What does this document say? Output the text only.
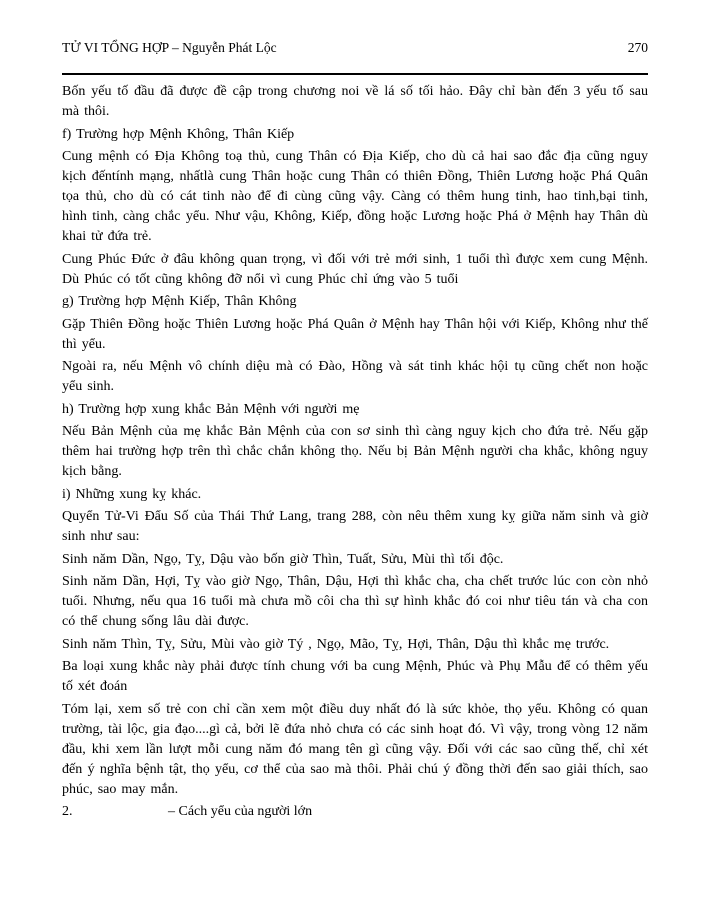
TỬ VI TỔNG HỢP – Nguyễn Phát Lộc	270

Bốn yếu tố đầu đã được đề cập trong chương noi về lá số tối hảo. Đây chỉ bàn đến 3 yếu tố sau mà thôi.

f) Trường hợp Mệnh Không, Thân Kiếp

Cung mệnh có Địa Không toạ thủ, cung Thân có Địa Kiếp, cho dù cả hai sao đắc địa cũng nguy kịch đếntính mạng, nhấtlà cung Thân hoặc cung Thân có thiên Đồng, Thiên Lương hoặc Phá Quân tọa thủ, cho dù có cát tinh nào để đi cùng cũng vậy. Càng có thêm hung tinh, hao tinh,bại tinh, hình tinh, càng chắc yểu. Như vậu, Không, Kiếp, đồng hoặc Lương hoặc Phá ở Mệnh hay Thân dù khai tử đứa trẻ.

Cung Phúc Đức ở đâu không quan trọng, vì đối với trẻ mới sinh, 1 tuổi thì được xem cung Mệnh. Dù Phúc có tốt cũng không đỡ nổi vì cung Phúc chỉ ứng vào 5 tuổi

g) Trường hợp Mệnh Kiếp, Thân Không

Gặp Thiên Đồng hoặc Thiên Lương hoặc Phá Quân ở Mệnh hay Thân hội với Kiếp, Không như thế thì yểu.

Ngoài ra, nếu Mệnh vô chính diệu mà có Đào, Hồng và sát tinh khác hội tụ cũng chết non hoặc yểu sinh.

h) Trường hợp xung khắc Bản Mệnh với người mẹ

Nếu Bản Mệnh của mẹ khắc Bản Mệnh của con sơ sinh thì càng nguy kịch cho đứa trẻ. Nếu gặp thêm hai trường hợp trên thì chắc chắn không thọ. Nếu bị Bản Mệnh người cha khắc, không nguy kịch bằng.

i) Những xung kỵ khác.

Quyển Tử-Vi Đẩu Số của Thái Thứ Lang, trang 288, còn nêu thêm xung kỵ giữa năm sinh và giờ sinh như sau:

Sinh năm Dần, Ngọ, Tỵ, Dậu vào bốn giờ Thìn, Tuất, Sửu, Mùi thì tối độc.

Sinh năm Dần, Hợi, Tỵ vào giờ Ngọ, Thân, Dậu, Hợi thì khắc cha, cha chết trước lúc con còn nhỏ tuổi. Nhưng, nếu qua 16 tuổi mà chưa mồ côi cha thì sự hình khắc đó coi như tiêu tán và cha con có thể chung sống lâu dài được.

Sinh năm Thìn, Tỵ, Sửu, Mùi vào giờ Tý , Ngọ, Mão, Tỵ, Hợi, Thân, Dậu thì khắc mẹ trước.

Ba loại xung khắc này phải được tính chung với ba cung Mệnh, Phúc và Phụ Mẫu để có thêm yếu tố xét đoán

Tóm lại, xem số trẻ con chỉ cần xem một điều duy nhất đó là sức khỏe, thọ yểu. Không có quan trường, tài lộc, gia đạo....gì cả, bởi lẽ đứa nhỏ chưa có các sinh hoạt đó. Vì vậy, trong vòng 12 năm đầu, khi xem lần lượt mỗi cung năm đó mang tên gì cũng vậy. Đối với các sao cũng thế, chỉ xét đến ý nghĩa bệnh tật, thọ yểu, cơ thể của sao mà thôi. Phải chú ý đồng thời đến sao giải thích, sao phúc, sao may mắn.

2.	– Cách yểu của người lớn
